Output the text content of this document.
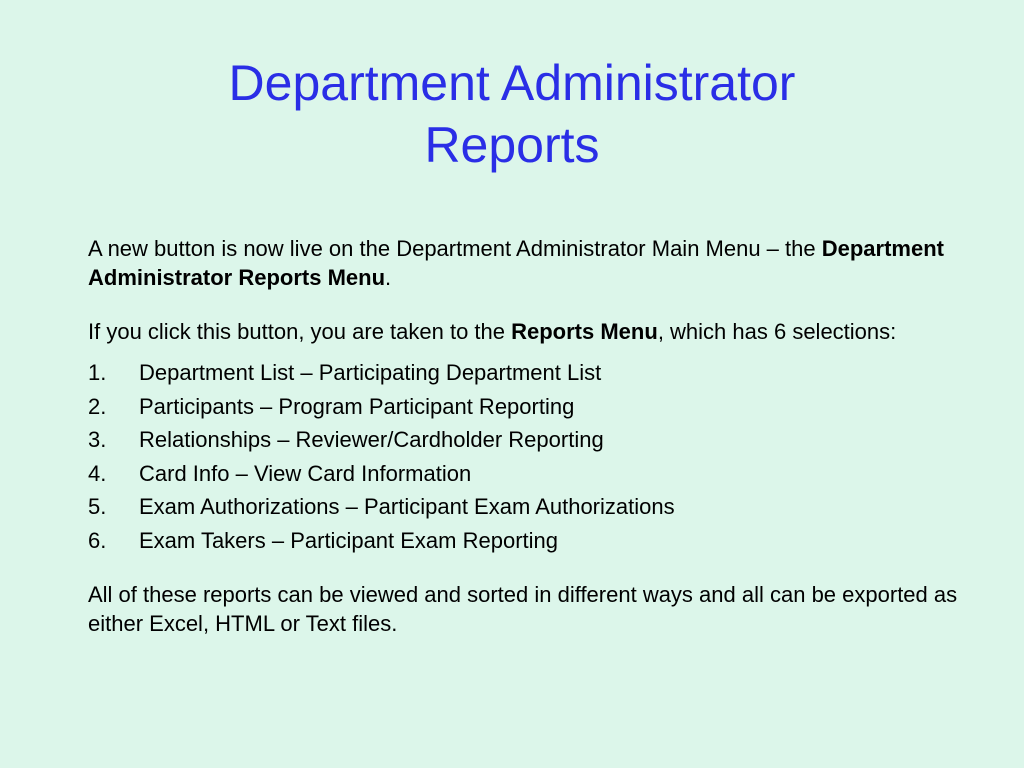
Department Administrator
Reports

A new button is now live on the Department Administrator Main Menu – the Department Administrator Reports Menu.

If you click this button, you are taken to the Reports Menu, which has 6 selections:

1.	Department List – Participating Department List
2.	Participants – Program Participant Reporting
3.	Relationships – Reviewer/Cardholder Reporting
4.	Card Info – View Card Information
5.	Exam Authorizations – Participant Exam Authorizations
6.	Exam Takers – Participant Exam Reporting

All of these reports can be viewed and sorted in different ways and all can be exported as either Excel, HTML or Text files.
